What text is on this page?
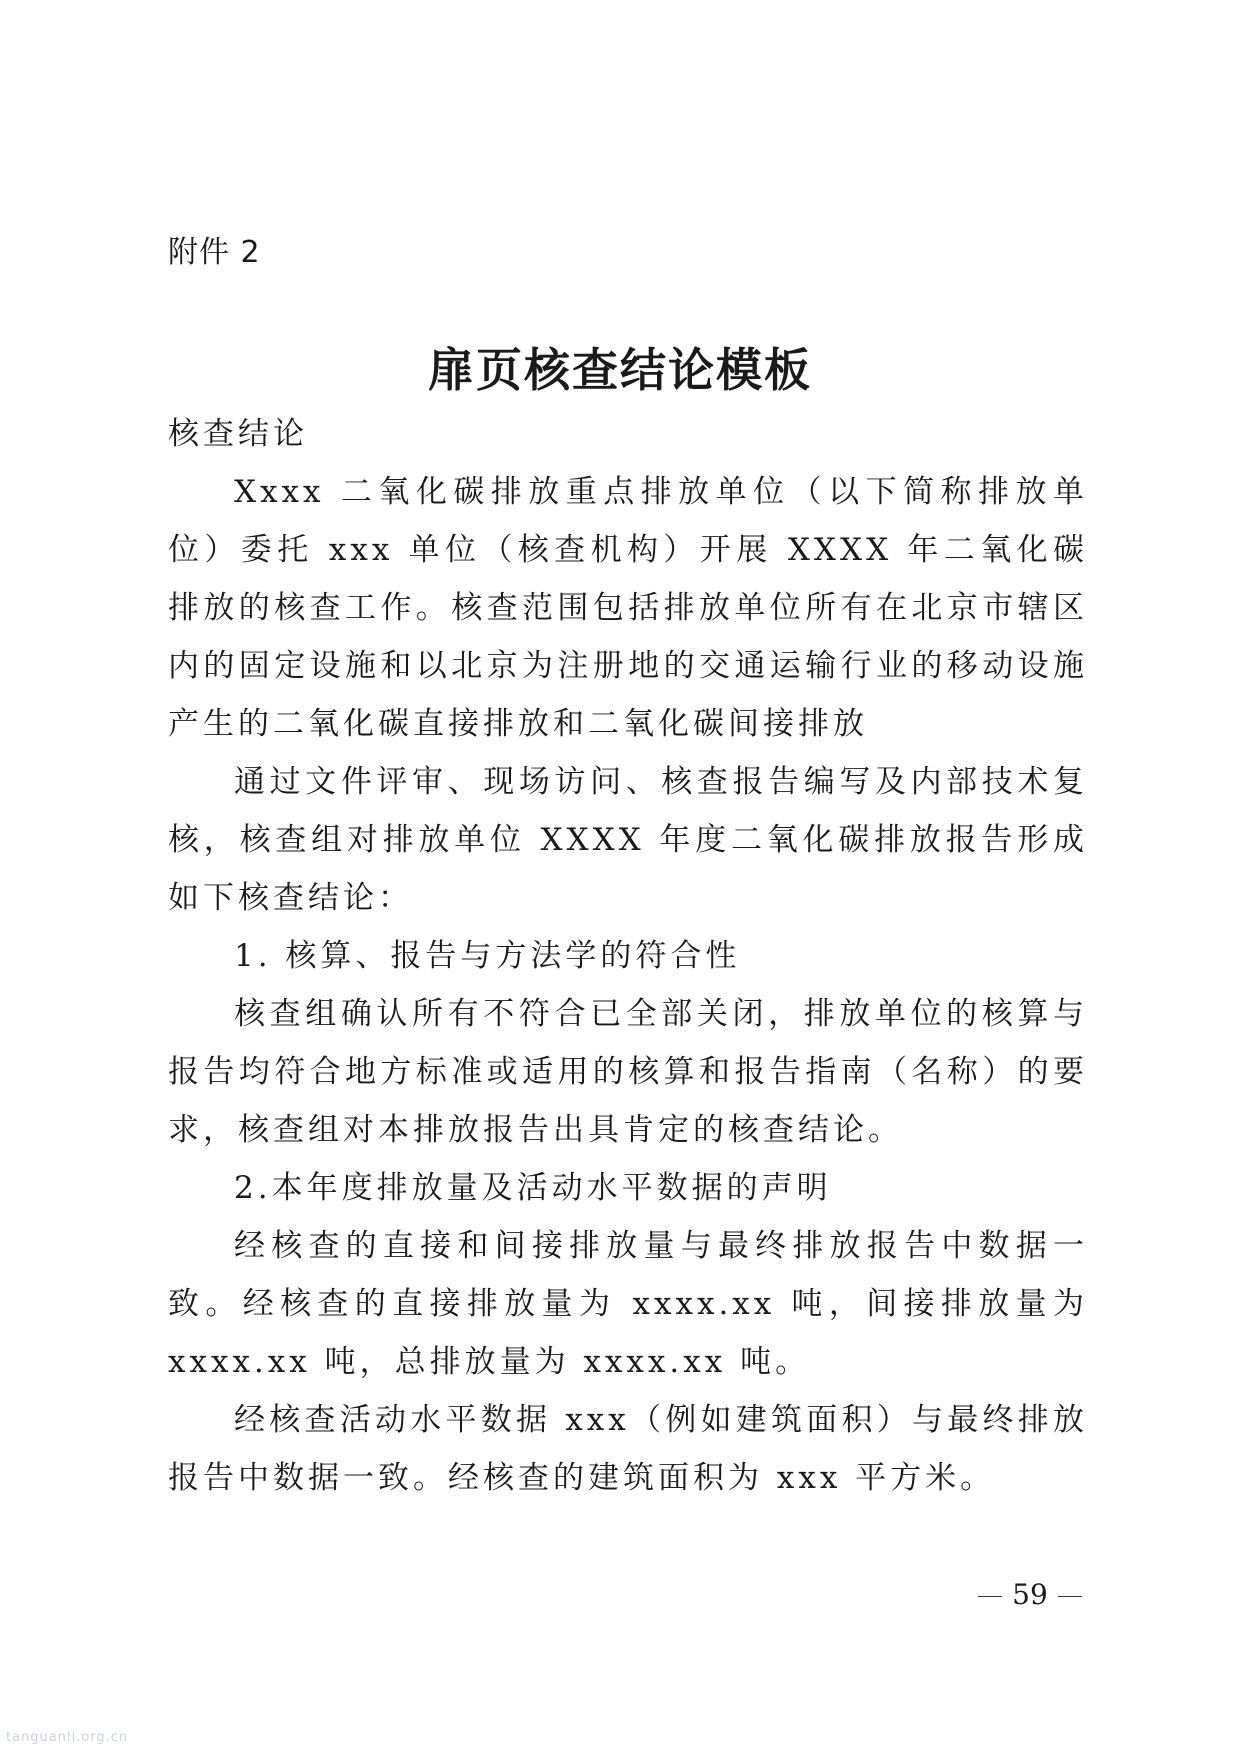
附件 2
扉页核查结论模板

核查结论

Xxxx 二氧化碳排放重点排放单位（以下简称排放单位）委托 xxx 单位（核查机构）开展 XXXX 年二氧化碳排放的核查工作。核查范围包括排放单位所有在北京市辖区内的固定设施和以北京为注册地的交通运输行业的移动设施产生的二氧化碳直接排放和二氧化碳间接排放

通过文件评审、现场访问、核查报告编写及内部技术复核，核查组对排放单位 XXXX 年度二氧化碳排放报告形成如下核查结论：

1. 核算、报告与方法学的符合性

核查组确认所有不符合已全部关闭，排放单位的核算与报告均符合地方标准或适用的核算和报告指南（名称）的要求，核查组对本排放报告出具肯定的核查结论。

2.本年度排放量及活动水平数据的声明

经核查的直接和间接排放量与最终排放报告中数据一致。经核查的直接排放量为 xxxx.xx 吨，间接排放量为 xxxx.xx 吨，总排放量为 xxxx.xx 吨。

经核查活动水平数据 xxx（例如建筑面积）与最终排放报告中数据一致。经核查的建筑面积为 xxx 平方米。

59
tanguanli.org.cn
